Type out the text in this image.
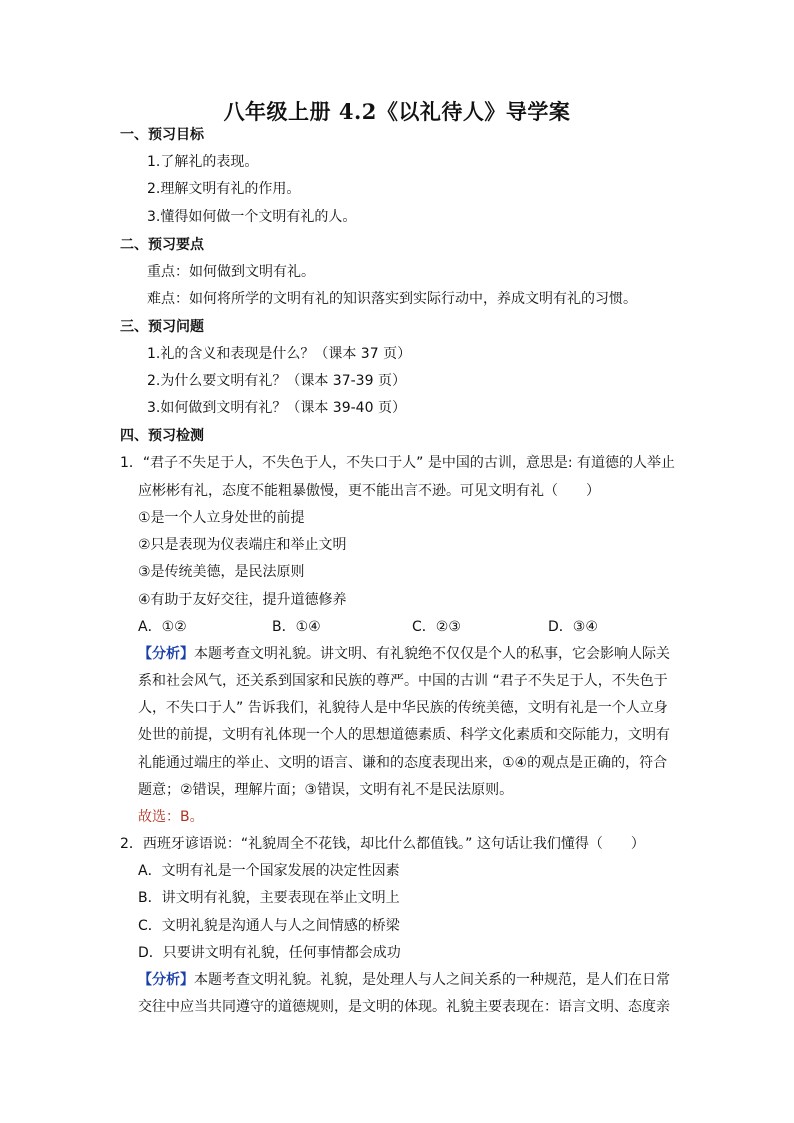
八年级上册 4.2《以礼待人》导学案
一、预习目标
1.了解礼的表现。
2.理解文明有礼的作用。
3.懂得如何做一个文明有礼的人。
二、预习要点
重点：如何做到文明有礼。
难点：如何将所学的文明有礼的知识落实到实际行动中，养成文明有礼的习惯。
三、预习问题
1.礼的含义和表现是什么？（课本 37 页）
2.为什么要文明有礼？（课本 37-39 页）
3.如何做到文明有礼？（课本 39-40 页）
四、预习检测
1．“君子不失足于人，不失色于人，不失口于人” 是中国的古训，意思是: 有道德的人举止
应彬彬有礼，态度不能粗暴傲慢，更不能出言不逊。可见文明有礼（　　）
①是一个人立身处世的前提
②只是表现为仪表端庄和举止文明
③是传统美德，是民法原则
④有助于友好交往，提升道德修养
A．①②	B．①④	C．②③	D．③④
【分析】本题考查文明礼貌。讲文明、有礼貌绝不仅仅是个人的私事，它会影响人际关
系和社会风气，还关系到国家和民族的尊严。中国的古训 “君子不失足于人，不失色于
人，不失口于人” 告诉我们，礼貌待人是中华民族的传统美德，文明有礼是一个人立身
处世的前提，文明有礼体现一个人的思想道德素质、科学文化素质和交际能力，文明有
礼能通过端庄的举止、文明的语言、谦和的态度表现出来，①④的观点是正确的，符合
题意；②错误，理解片面；③错误，文明有礼不是民法原则。
故选：B。
2．西班牙谚语说：“礼貌周全不花钱，却比什么都值钱。” 这句话让我们懂得（　　）
A．文明有礼是一个国家发展的决定性因素
B．讲文明有礼貌，主要表现在举止文明上
C．文明礼貌是沟通人与人之间情感的桥梁
D．只要讲文明有礼貌，任何事情都会成功
【分析】本题考查文明礼貌。礼貌，是处理人与人之间关系的一种规范，是人们在日常
交往中应当共同遵守的道德规则，是文明的体现。礼貌主要表现在：语言文明、态度亲
